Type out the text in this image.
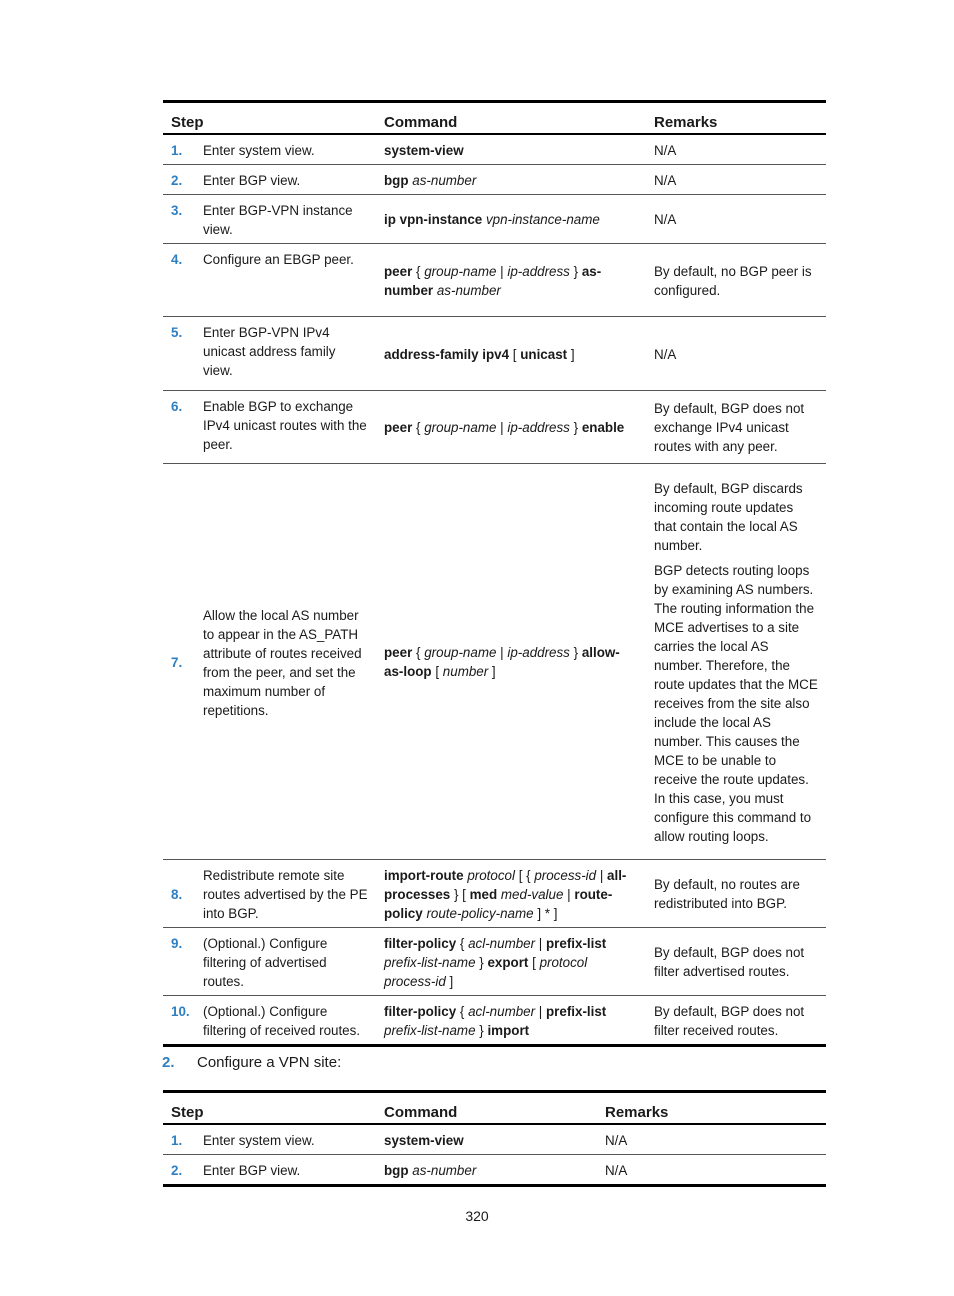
Step		Command	Remarks
1.	Enter system view.	system-view	N/A

2.	Enter BGP view.	bgp as-number	N/A

3.	Enter BGP-VPN instance view.	ip vpn-instance vpn-instance-name	N/A

4.	Configure an EBGP peer.	peer { group-name | ip-address } as-number as-number	By default, no BGP peer is configured.

5.	Enter BGP-VPN IPv4 unicast address family view.	address-family ipv4 [ unicast ]	N/A

6.	Enable BGP to exchange IPv4 unicast routes with the peer.	peer { group-name | ip-address } enable	By default, BGP does not exchange IPv4 unicast routes with any peer.

7.	Allow the local AS number to appear in the AS_PATH attribute of routes received from the peer, and set the maximum number of repetitions.	peer { group-name | ip-address } allow-as-loop [ number ]	By default, BGP discards incoming route updates that contain the local AS number.

BGP detects routing loops by examining AS numbers. The routing information the MCE advertises to a site carries the local AS number. Therefore, the route updates that the MCE receives from the site also include the local AS number. This causes the MCE to be unable to receive the route updates. In this case, you must configure this command to allow routing loops.

8.	Redistribute remote site routes advertised by the PE into BGP.	import-route protocol [ { process-id | all-processes } [ med med-value | route-policy route-policy-name ] * ]	By default, no routes are redistributed into BGP.

9.	(Optional.) Configure filtering of advertised routes.	filter-policy { acl-number | prefix-list prefix-list-name } export [ protocol process-id ]	By default, BGP does not filter advertised routes.

10.	(Optional.) Configure filtering of received routes.	filter-policy { acl-number | prefix-list prefix-list-name } import	By default, BGP does not filter received routes.

2. Configure a VPN site:
Step		Command	Remarks
1.	Enter system view.	system-view	N/A

2.	Enter BGP view.	bgp as-number	N/A

320
